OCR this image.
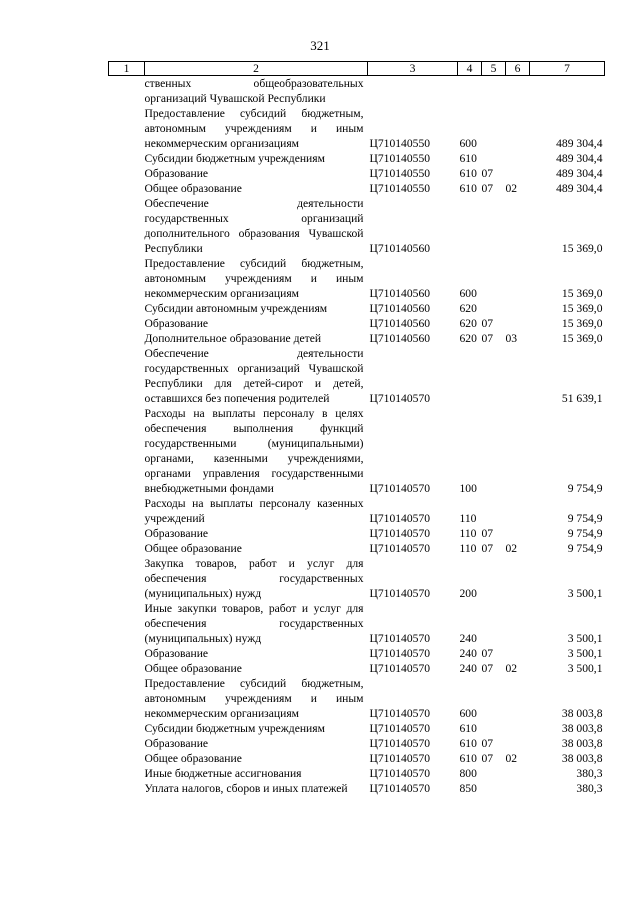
321
1	2	3	4	5	6	7
	ственных общеобразовательных организаций Чувашской Республики					
	Предоставление субсидий бюджетным, автономным учреждениям и иным некоммерческим организациям	Ц710140550	600			489 304,4
	Субсидии бюджетным учреждениям	Ц710140550	610			489 304,4
	Образование	Ц710140550	610	07		489 304,4
	Общее образование	Ц710140550	610	07	02	489 304,4
	Обеспечение деятельности государственных организаций дополнительного образования Чувашской Республики	Ц710140560				15 369,0
	Предоставление субсидий бюджетным, автономным учреждениям и иным некоммерческим организациям	Ц710140560	600			15 369,0
	Субсидии автономным учреждениям	Ц710140560	620			15 369,0
	Образование	Ц710140560	620	07		15 369,0
	Дополнительное образование детей	Ц710140560	620	07	03	15 369,0
	Обеспечение деятельности государственных организаций Чувашской Республики для детей-сирот и детей, оставшихся без попечения родителей	Ц710140570				51 639,1
	Расходы на выплаты персоналу в целях обеспечения выполнения функций государственными (муниципальными) органами, казенными учреждениями, органами управления государственными внебюджетными фондами	Ц710140570	100			9 754,9
	Расходы на выплаты персоналу казенных учреждений	Ц710140570	110			9 754,9
	Образование	Ц710140570	110	07		9 754,9
	Общее образование	Ц710140570	110	07	02	9 754,9
	Закупка товаров, работ и услуг для обеспечения государственных (муниципальных) нужд	Ц710140570	200			3 500,1
	Иные закупки товаров, работ и услуг для обеспечения государственных (муниципальных) нужд	Ц710140570	240			3 500,1
	Образование	Ц710140570	240	07		3 500,1
	Общее образование	Ц710140570	240	07	02	3 500,1
	Предоставление субсидий бюджетным, автономным учреждениям и иным некоммерческим организациям	Ц710140570	600			38 003,8
	Субсидии бюджетным учреждениям	Ц710140570	610			38 003,8
	Образование	Ц710140570	610	07		38 003,8
	Общее образование	Ц710140570	610	07	02	38 003,8
	Иные бюджетные ассигнования	Ц710140570	800			380,3
	Уплата налогов, сборов и иных платежей	Ц710140570	850			380,3
